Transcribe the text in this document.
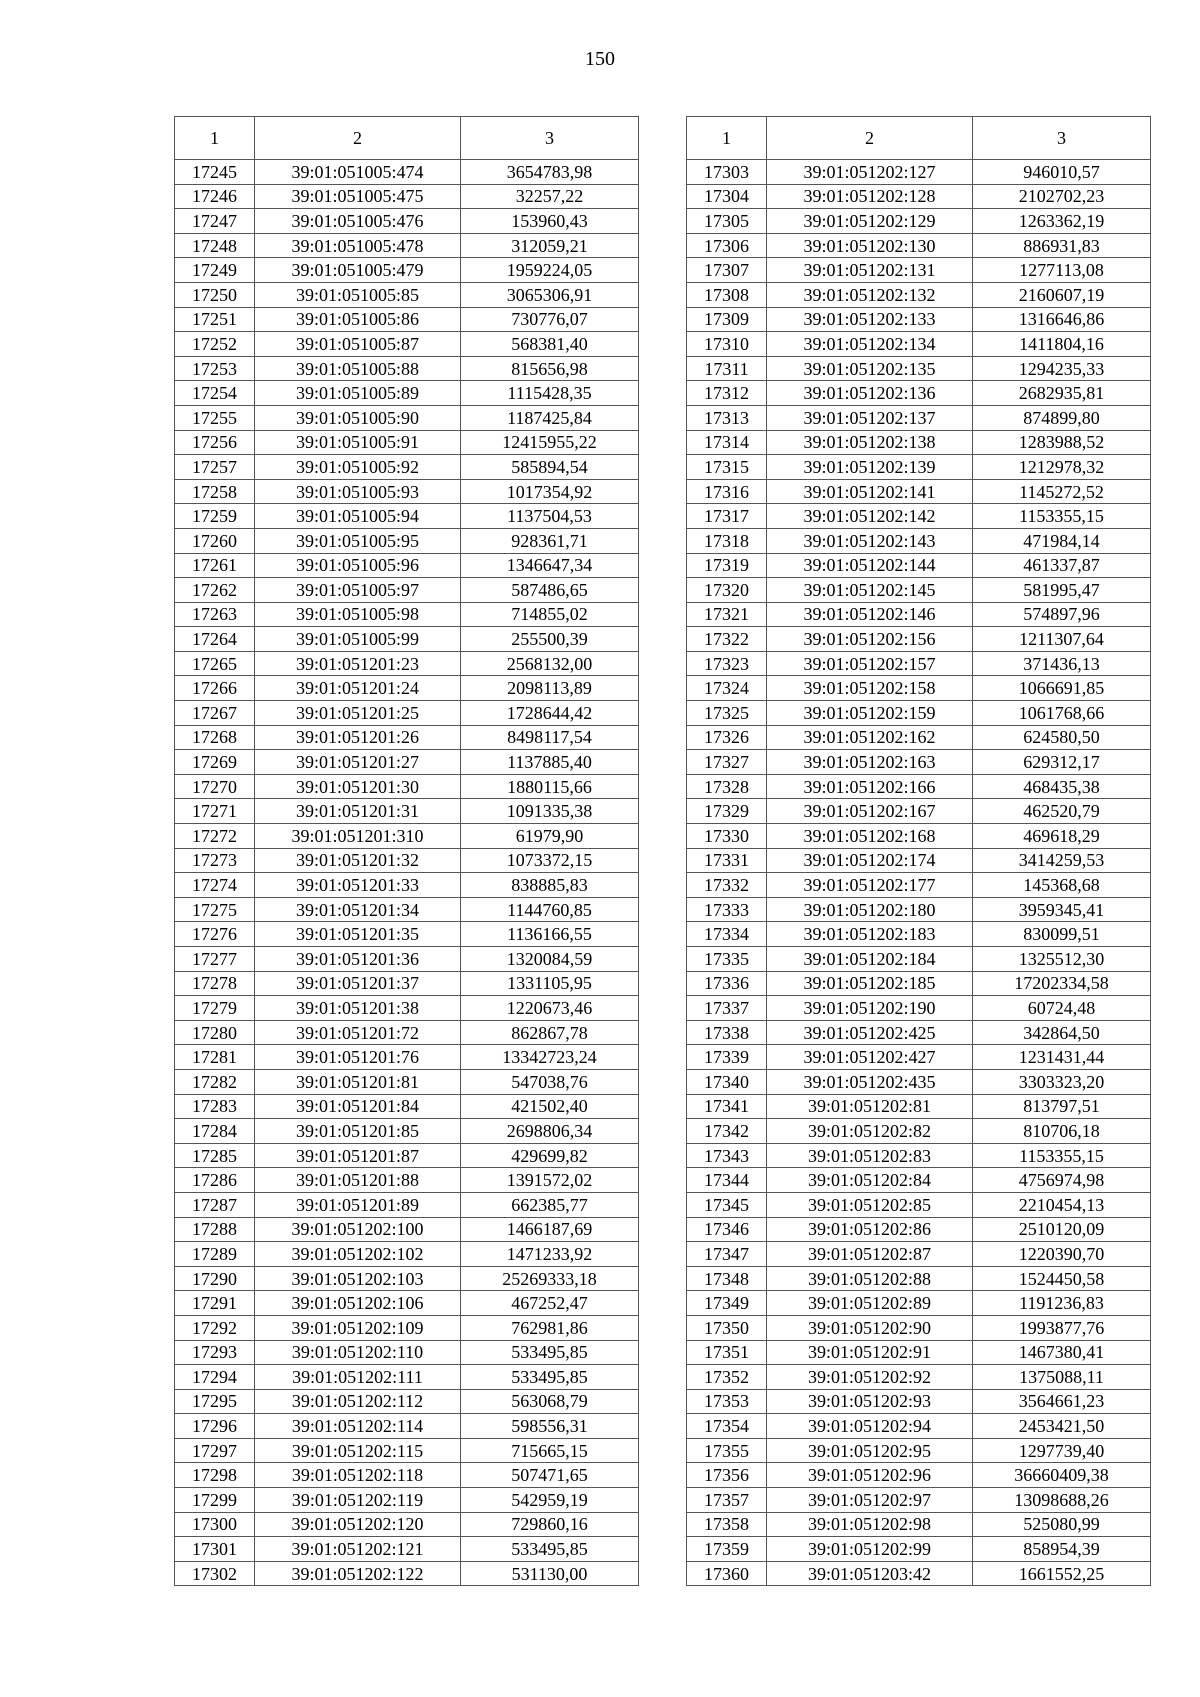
150
1	2	3
17245	39:01:051005:474	3654783,98
17246	39:01:051005:475	32257,22
17247	39:01:051005:476	153960,43
17248	39:01:051005:478	312059,21
17249	39:01:051005:479	1959224,05
17250	39:01:051005:85	3065306,91
17251	39:01:051005:86	730776,07
17252	39:01:051005:87	568381,40
17253	39:01:051005:88	815656,98
17254	39:01:051005:89	1115428,35
17255	39:01:051005:90	1187425,84
17256	39:01:051005:91	12415955,22
17257	39:01:051005:92	585894,54
17258	39:01:051005:93	1017354,92
17259	39:01:051005:94	1137504,53
17260	39:01:051005:95	928361,71
17261	39:01:051005:96	1346647,34
17262	39:01:051005:97	587486,65
17263	39:01:051005:98	714855,02
17264	39:01:051005:99	255500,39
17265	39:01:051201:23	2568132,00
17266	39:01:051201:24	2098113,89
17267	39:01:051201:25	1728644,42
17268	39:01:051201:26	8498117,54
17269	39:01:051201:27	1137885,40
17270	39:01:051201:30	1880115,66
17271	39:01:051201:31	1091335,38
17272	39:01:051201:310	61979,90
17273	39:01:051201:32	1073372,15
17274	39:01:051201:33	838885,83
17275	39:01:051201:34	1144760,85
17276	39:01:051201:35	1136166,55
17277	39:01:051201:36	1320084,59
17278	39:01:051201:37	1331105,95
17279	39:01:051201:38	1220673,46
17280	39:01:051201:72	862867,78
17281	39:01:051201:76	13342723,24
17282	39:01:051201:81	547038,76
17283	39:01:051201:84	421502,40
17284	39:01:051201:85	2698806,34
17285	39:01:051201:87	429699,82
17286	39:01:051201:88	1391572,02
17287	39:01:051201:89	662385,77
17288	39:01:051202:100	1466187,69
17289	39:01:051202:102	1471233,92
17290	39:01:051202:103	25269333,18
17291	39:01:051202:106	467252,47
17292	39:01:051202:109	762981,86
17293	39:01:051202:110	533495,85
17294	39:01:051202:111	533495,85
17295	39:01:051202:112	563068,79
17296	39:01:051202:114	598556,31
17297	39:01:051202:115	715665,15
17298	39:01:051202:118	507471,65
17299	39:01:051202:119	542959,19
17300	39:01:051202:120	729860,16
17301	39:01:051202:121	533495,85
17302	39:01:051202:122	531130,00
1	2	3
17303	39:01:051202:127	946010,57
17304	39:01:051202:128	2102702,23
17305	39:01:051202:129	1263362,19
17306	39:01:051202:130	886931,83
17307	39:01:051202:131	1277113,08
17308	39:01:051202:132	2160607,19
17309	39:01:051202:133	1316646,86
17310	39:01:051202:134	1411804,16
17311	39:01:051202:135	1294235,33
17312	39:01:051202:136	2682935,81
17313	39:01:051202:137	874899,80
17314	39:01:051202:138	1283988,52
17315	39:01:051202:139	1212978,32
17316	39:01:051202:141	1145272,52
17317	39:01:051202:142	1153355,15
17318	39:01:051202:143	471984,14
17319	39:01:051202:144	461337,87
17320	39:01:051202:145	581995,47
17321	39:01:051202:146	574897,96
17322	39:01:051202:156	1211307,64
17323	39:01:051202:157	371436,13
17324	39:01:051202:158	1066691,85
17325	39:01:051202:159	1061768,66
17326	39:01:051202:162	624580,50
17327	39:01:051202:163	629312,17
17328	39:01:051202:166	468435,38
17329	39:01:051202:167	462520,79
17330	39:01:051202:168	469618,29
17331	39:01:051202:174	3414259,53
17332	39:01:051202:177	145368,68
17333	39:01:051202:180	3959345,41
17334	39:01:051202:183	830099,51
17335	39:01:051202:184	1325512,30
17336	39:01:051202:185	17202334,58
17337	39:01:051202:190	60724,48
17338	39:01:051202:425	342864,50
17339	39:01:051202:427	1231431,44
17340	39:01:051202:435	3303323,20
17341	39:01:051202:81	813797,51
17342	39:01:051202:82	810706,18
17343	39:01:051202:83	1153355,15
17344	39:01:051202:84	4756974,98
17345	39:01:051202:85	2210454,13
17346	39:01:051202:86	2510120,09
17347	39:01:051202:87	1220390,70
17348	39:01:051202:88	1524450,58
17349	39:01:051202:89	1191236,83
17350	39:01:051202:90	1993877,76
17351	39:01:051202:91	1467380,41
17352	39:01:051202:92	1375088,11
17353	39:01:051202:93	3564661,23
17354	39:01:051202:94	2453421,50
17355	39:01:051202:95	1297739,40
17356	39:01:051202:96	36660409,38
17357	39:01:051202:97	13098688,26
17358	39:01:051202:98	525080,99
17359	39:01:051202:99	858954,39
17360	39:01:051203:42	1661552,25
